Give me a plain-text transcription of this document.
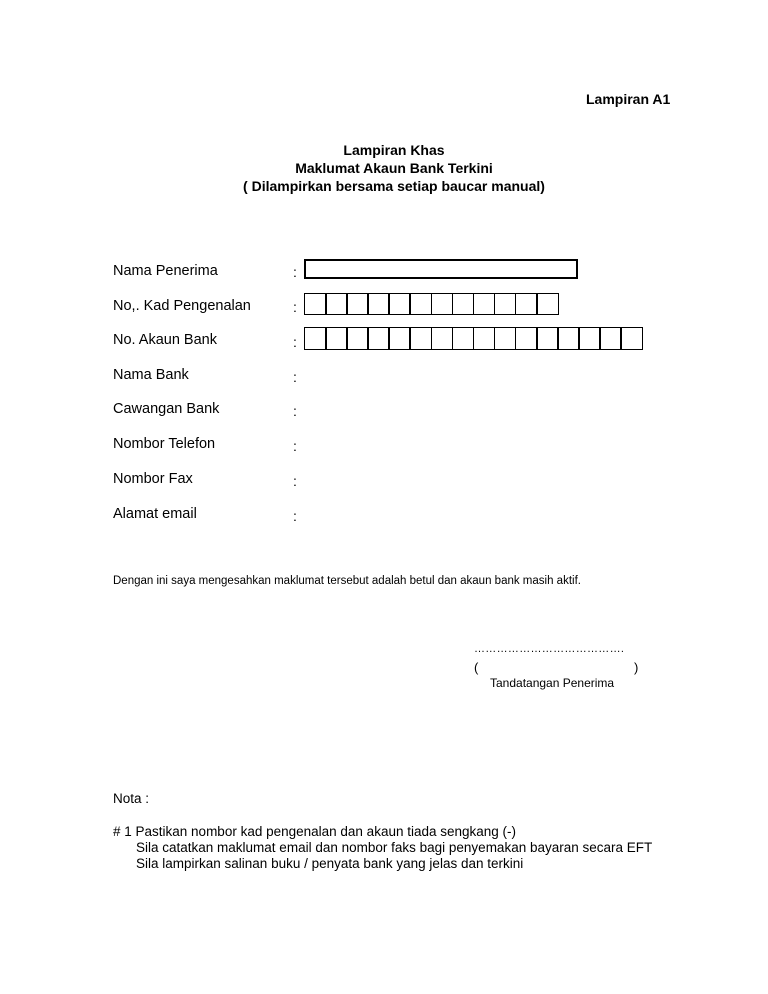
Lampiran A1
Lampiran Khas
Maklumat Akaun Bank Terkini
( Dilampirkan bersama setiap baucar manual)
Nama Penerima	:
No,. Kad Pengenalan	:
No. Akaun Bank	:
Nama Bank	:
Cawangan Bank	:
Nombor Telefon	:
Nombor Fax	:
Alamat email	:
Dengan ini saya mengesahkan maklumat tersebut adalah betul dan akaun bank masih aktif.
………………………………….
(	)
Tandatangan Penerima
Nota :
# 1 Pastikan nombor kad pengenalan dan akaun tiada sengkang (-)
Sila catatkan maklumat email dan nombor faks bagi penyemakan bayaran secara EFT
Sila lampirkan salinan buku / penyata bank yang jelas dan terkini
